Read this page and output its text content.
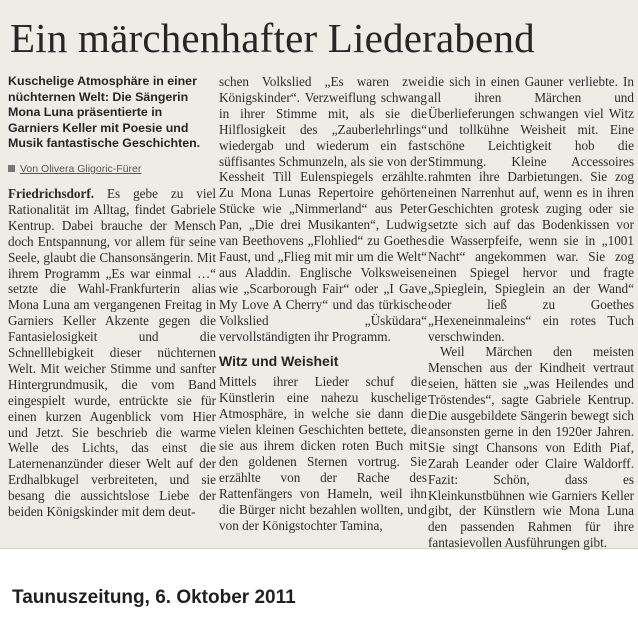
Ein märchenhafter Liederabend

Kuschelige Atmosphäre in einer nüchternen Welt: Die Sängerin Mona Luna präsentierte in Garniers Keller mit Poesie und Musik fantastische Geschichten.

Von Olivera Gligoric-Fürer

Friedrichsdorf. Es gebe zu viel Rationalität im Alltag, findet Gabriele Kentrup. Dabei brauche der Mensch doch Entspannung, vor allem für seine Seele, glaubt die Chansonsängerin. Mit ihrem Programm „Es war einmal …“ setzte die Wahl-Frankfurterin alias Mona Luna am vergangenen Freitag in Garniers Keller Akzente gegen die Fantasielosigkeit und die Schnelllebigkeit dieser nüchternen Welt. Mit weicher Stimme und sanfter Hintergrundmusik, die vom Band eingespielt wurde, entrückte sie für einen kurzen Augenblick vom Hier und Jetzt. Sie beschrieb die warme Welle des Lichts, das einst die Laternenanzünder dieser Welt auf der Erdhalbkugel verbreiteten, und sie besang die aussichtslose Liebe der beiden Königskinder mit dem deut-

schen Volkslied „Es waren zwei Königskinder“. Verzweiflung schwang in ihrer Stimme mit, als sie die Hilflosigkeit des „Zauberlehrlings“ wiedergab und wiederum ein fast süffisantes Schmunzeln, als sie von der Kessheit Till Eulenspiegels erzählte. Zu Mona Lunas Repertoire gehörten Stücke wie „Nimmerland“ aus Peter Pan, „Die drei Musikanten“, Ludwig van Beethovens „Flohlied“ zu Goethes Faust, und „Flieg mit mir um die Welt“ aus Aladdin. Englische Volksweisen wie „Scarborough Fair“ oder „I Gave My Love A Cherry“ und das türkische Volkslied „Üsküdara“ vervollständigten ihr Programm.

Witz und Weisheit

Mittels ihrer Lieder schuf die Künstlerin eine nahezu kuschelige Atmosphäre, in welche sie dann die vielen kleinen Geschichten bettete, die sie aus ihrem dicken roten Buch mit den goldenen Sternen vortrug. Sie erzählte von der Rache des Rattenfängers von Hameln, weil ihn die Bürger nicht bezahlen wollten, und von der Königstochter Tamina,

die sich in einen Gauner verliebte. In all ihren Märchen und Überlieferungen schwangen viel Witz und tollkühne Weisheit mit. Eine schöne Leichtigkeit hob die Stimmung. Kleine Accessoires rahmten ihre Darbietungen. Sie zog einen Narrenhut auf, wenn es in ihren Geschichten grotesk zuging oder sie setzte sich auf das Bodenkissen vor die Wasserpfeife, wenn sie in „1001 Nacht“ angekommen war. Sie zog einen Spiegel hervor und fragte „Spieglein, Spieglein an der Wand“ oder ließ zu Goethes „Hexeneinmaleins“ ein rotes Tuch verschwinden.

Weil Märchen den meisten Menschen aus der Kindheit vertraut seien, hätten sie „was Heilendes und Tröstendes“, sagte Gabriele Kentrup. Die ausgebildete Sängerin bewegt sich ansonsten gerne in den 1920er Jahren. Sie singt Chansons von Edith Piaf, Zarah Leander oder Claire Waldorff. Fazit: Schön, dass es Kleinkunstbühnen wie Garniers Keller gibt, der Künstlern wie Mona Luna den passenden Rahmen für ihre fantasievollen Ausführungen gibt.

Taunuszeitung, 6. Oktober 2011
